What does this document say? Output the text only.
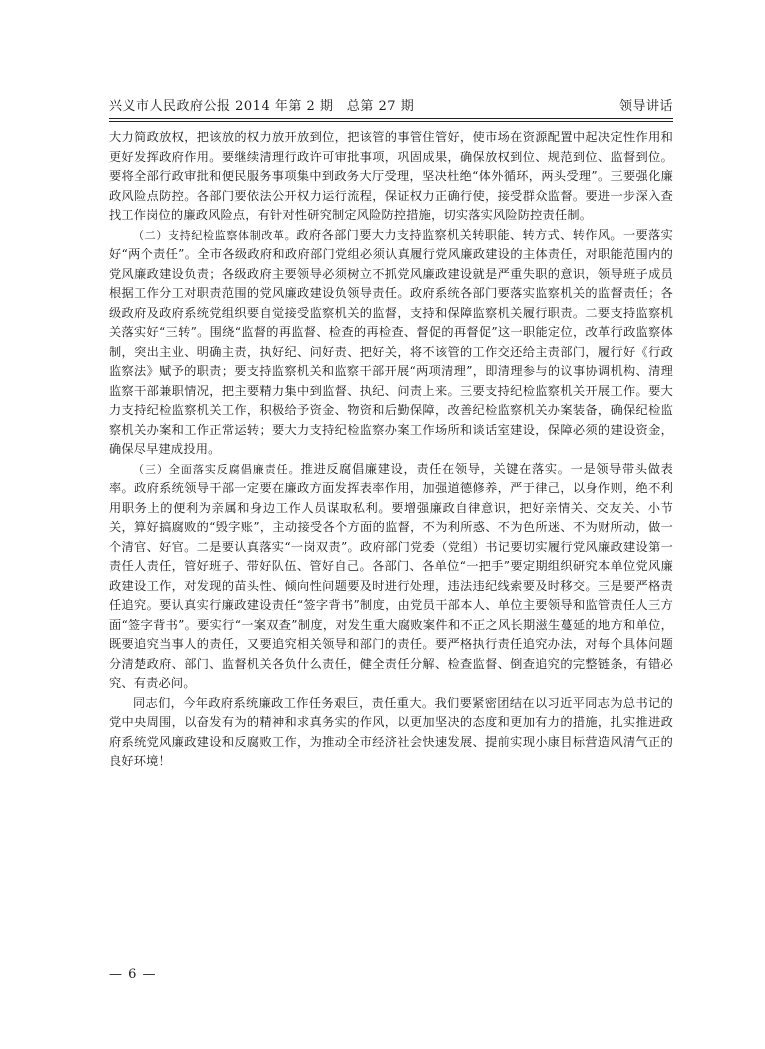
兴义市人民政府公报 2014 年第 2 期　总第 27 期	领导讲话

大力简政放权，把该放的权力放开放到位，把该管的事管住管好，使市场在资源配置中起决定性作用和更好发挥政府作用。要继续清理行政许可审批事项，巩固成果，确保放权到位、规范到位、监督到位。要将全部行政审批和便民服务事项集中到政务大厅受理，坚决杜绝“体外循环，两头受理”。三要强化廉政风险点防控。各部门要依法公开权力运行流程，保证权力正确行使，接受群众监督。要进一步深入查找工作岗位的廉政风险点，有针对性研究制定风险防控措施，切实落实风险防控责任制。

（二）支持纪检监察体制改革。政府各部门要大力支持监察机关转职能、转方式、转作风。一要落实好“两个责任”。全市各级政府和政府部门党组必须认真履行党风廉政建设的主体责任，对职能范围内的党风廉政建设负责；各级政府主要领导必须树立不抓党风廉政建设就是严重失职的意识，领导班子成员根据工作分工对职责范围的党风廉政建设负领导责任。政府系统各部门要落实监察机关的监督责任；各级政府及政府系统党组织要自觉接受监察机关的监督，支持和保障监察机关履行职责。二要支持监察机关落实好“三转”。围绕“监督的再监督、检查的再检查、督促的再督促”这一职能定位，改革行政监察体制，突出主业、明确主责，执好纪、问好责、把好关，将不该管的工作交还给主责部门，履行好《行政监察法》赋予的职责；要支持监察机关和监察干部开展“两项清理”，即清理参与的议事协调机构、清理监察干部兼职情况，把主要精力集中到监督、执纪、问责上来。三要支持纪检监察机关开展工作。要大力支持纪检监察机关工作，积极给予资金、物资和后勤保障，改善纪检监察机关办案装备，确保纪检监察机关办案和工作正常运转；要大力支持纪检监察办案工作场所和谈话室建设，保障必须的建设资金，确保尽早建成投用。

（三）全面落实反腐倡廉责任。推进反腐倡廉建设，责任在领导，关键在落实。一是领导带头做表率。政府系统领导干部一定要在廉政方面发挥表率作用，加强道德修养，严于律己，以身作则，绝不利用职务上的便利为亲属和身边工作人员谋取私利。要增强廉政自律意识，把好亲情关、交友关、小节关，算好搞腐败的“毁字账”，主动接受各个方面的监督，不为利所惑、不为色所迷、不为财所动，做一个清官、好官。二是要认真落实“一岗双责”。政府部门党委（党组）书记要切实履行党风廉政建设第一责任人责任，管好班子、带好队伍、管好自己。各部门、各单位“一把手”要定期组织研究本单位党风廉政建设工作，对发现的苗头性、倾向性问题要及时进行处理，违法违纪线索要及时移交。三是要严格责任追究。要认真实行廉政建设责任“签字背书”制度，由党员干部本人、单位主要领导和监管责任人三方面“签字背书”。要实行“一案双查”制度，对发生重大腐败案件和不正之风长期滋生蔓延的地方和单位，既要追究当事人的责任，又要追究相关领导和部门的责任。要严格执行责任追究办法，对每个具体问题分清楚政府、部门、监督机关各负什么责任，健全责任分解、检查监督、倒查追究的完整链条，有错必究、有责必问。

同志们，今年政府系统廉政工作任务艰巨，责任重大。我们要紧密团结在以习近平同志为总书记的党中央周围，以奋发有为的精神和求真务实的作风，以更加坚决的态度和更加有力的措施，扎实推进政府系统党风廉政建设和反腐败工作，为推动全市经济社会快速发展、提前实现小康目标营造风清气正的良好环境！

— 6 —
